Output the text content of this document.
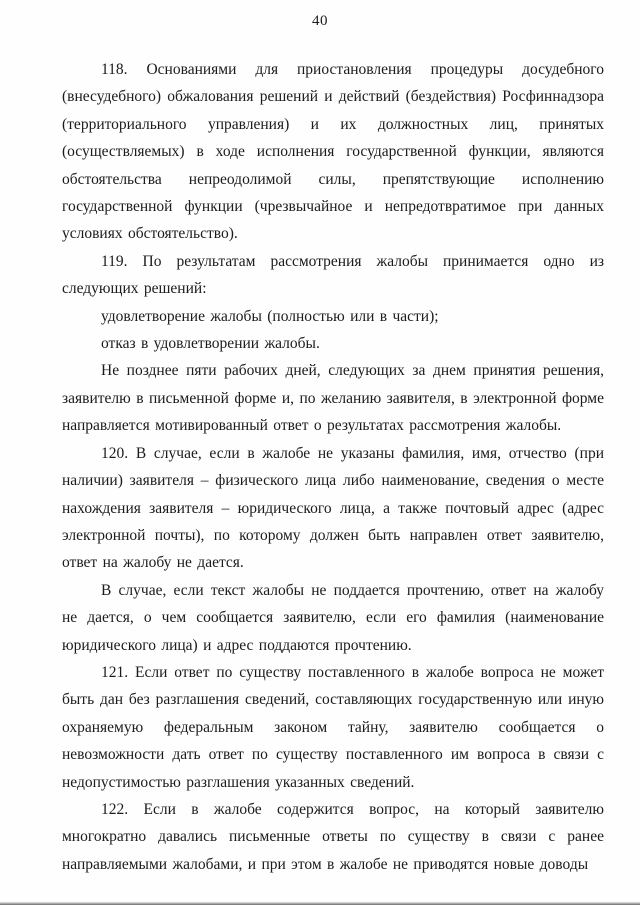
40

118. Основаниями для приостановления процедуры досудебного (внесудебного) обжалования решений и действий (бездействия) Росфиннадзора (территориального управления) и их должностных лиц, принятых (осуществляемых) в ходе исполнения государственной функции, являются обстоятельства непреодолимой силы, препятствующие исполнению государственной функции (чрезвычайное и непредотвратимое при данных условиях обстоятельство).

119. По результатам рассмотрения жалобы принимается одно из следующих решений:

удовлетворение жалобы (полностью или в части);

отказ в удовлетворении жалобы.

Не позднее пяти рабочих дней, следующих за днем принятия решения, заявителю в письменной форме и, по желанию заявителя, в электронной форме направляется мотивированный ответ о результатах рассмотрения жалобы.

120. В случае, если в жалобе не указаны фамилия, имя, отчество (при наличии) заявителя – физического лица либо наименование, сведения о месте нахождения заявителя – юридического лица, а также почтовый адрес (адрес электронной почты), по которому должен быть направлен ответ заявителю, ответ на жалобу не дается.

В случае, если текст жалобы не поддается прочтению, ответ на жалобу не дается, о чем сообщается заявителю, если его фамилия (наименование юридического лица) и адрес поддаются прочтению.

121. Если ответ по существу поставленного в жалобе вопроса не может быть дан без разглашения сведений, составляющих государственную или иную охраняемую федеральным законом тайну, заявителю сообщается о невозможности дать ответ по существу поставленного им вопроса в связи с недопустимостью разглашения указанных сведений.

122. Если в жалобе содержится вопрос, на который заявителю многократно давались письменные ответы по существу в связи с ранее направляемыми жалобами, и при этом в жалобе не приводятся новые доводы
